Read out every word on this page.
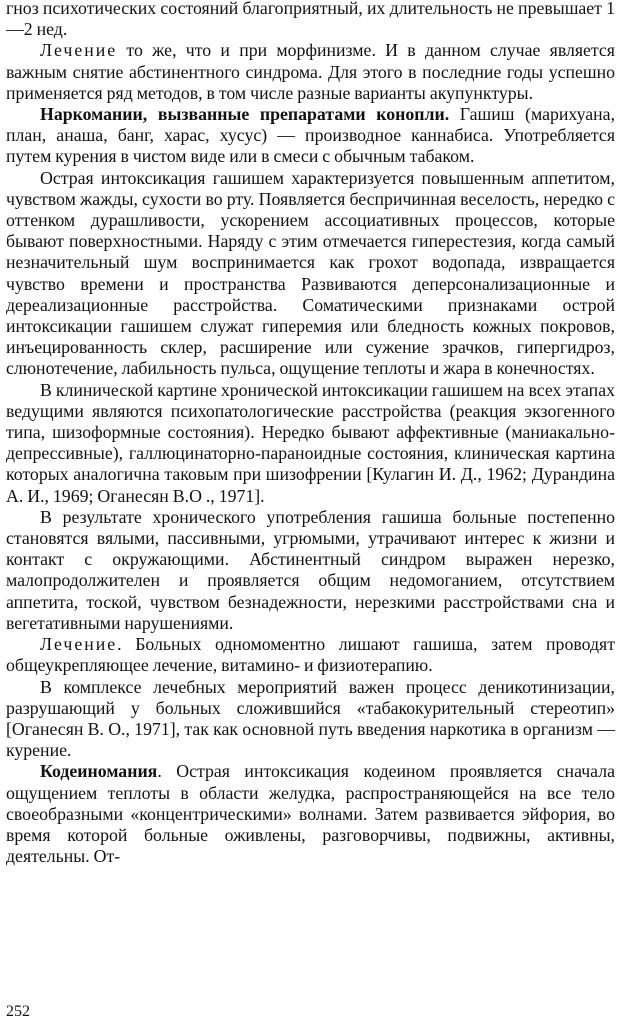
гноз психотических состояний благоприятный, их длительность не превышает 1—2 нед.

Лечение то же, что и при морфинизме. И в данном случае является важным снятие абстинентного синдрома. Для этого в последние годы успешно применяется ряд методов, в том числе разные варианты акупунктуры.

Наркомании, вызванные препаратами конопли. Гашиш (марихуана, план, анаша, банг, харас, хусус) — производное каннабиса. Употребляется путем курения в чистом виде или в смеси с обычным табаком.

Острая интоксикация гашишем характеризуется повышенным аппетитом, чувством жажды, сухости во рту. Появляется беспричинная веселость, нередко с оттенком дурашливости, ускорением ассоциативных процессов, которые бывают поверхностными. Наряду с этим отмечается гиперестезия, когда самый незначительный шум воспринимается как грохот водопада, извращается чувство времени и пространства Развиваются деперсонализационные и дереализационные расстройства. Соматическими признаками острой интоксикации гашишем служат гиперемия или бледность кожных покровов, инъецированность склер, расширение или сужение зрачков, гипергидроз, слюнотечение, лабильность пульса, ощущение теплоты и жара в конечностях.

В клинической картине хронической интоксикации гашишем на всех этапах ведущими являются психопатологические расстройства (реакция экзогенного типа, шизоформные состояния). Нередко бывают аффективные (маниакально-депрессивные), галлюцинаторно-параноидные состояния, клиническая картина которых аналогична таковым при шизофрении [Кулагин И. Д., 1962; Дурандина А. И., 1969; Оганесян В.О ., 1971].

В результате хронического употребления гашиша больные постепенно становятся вялыми, пассивными, угрюмыми, утрачивают интерес к жизни и контакт с окружающими. Абстинентный синдром выражен нерезко, малопродолжителен и проявляется общим недомоганием, отсутствием аппетита, тоской, чувством безнадежности, нерезкими расстройствами сна и вегетативными нарушениями.

Лечение. Больных одномоментно лишают гашиша, затем проводят общеукрепляющее лечение, витамино- и физиотерапию.

В комплексе лечебных мероприятий важен процесс деникотинизации, разрушающий у больных сложившийся «табакокурительный стереотип» [Оганесян В. О., 1971], так как основной путь введения наркотика в организм — курение.

Кодеиномания. Острая интоксикация кодеином проявляется сначала ощущением теплоты в области желудка, распространяющейся на все тело своеобразными «концентрическими» волнами. Затем развивается эйфория, во время которой больные оживлены, разговорчивы, подвижны, активны, деятельны. От-

252
